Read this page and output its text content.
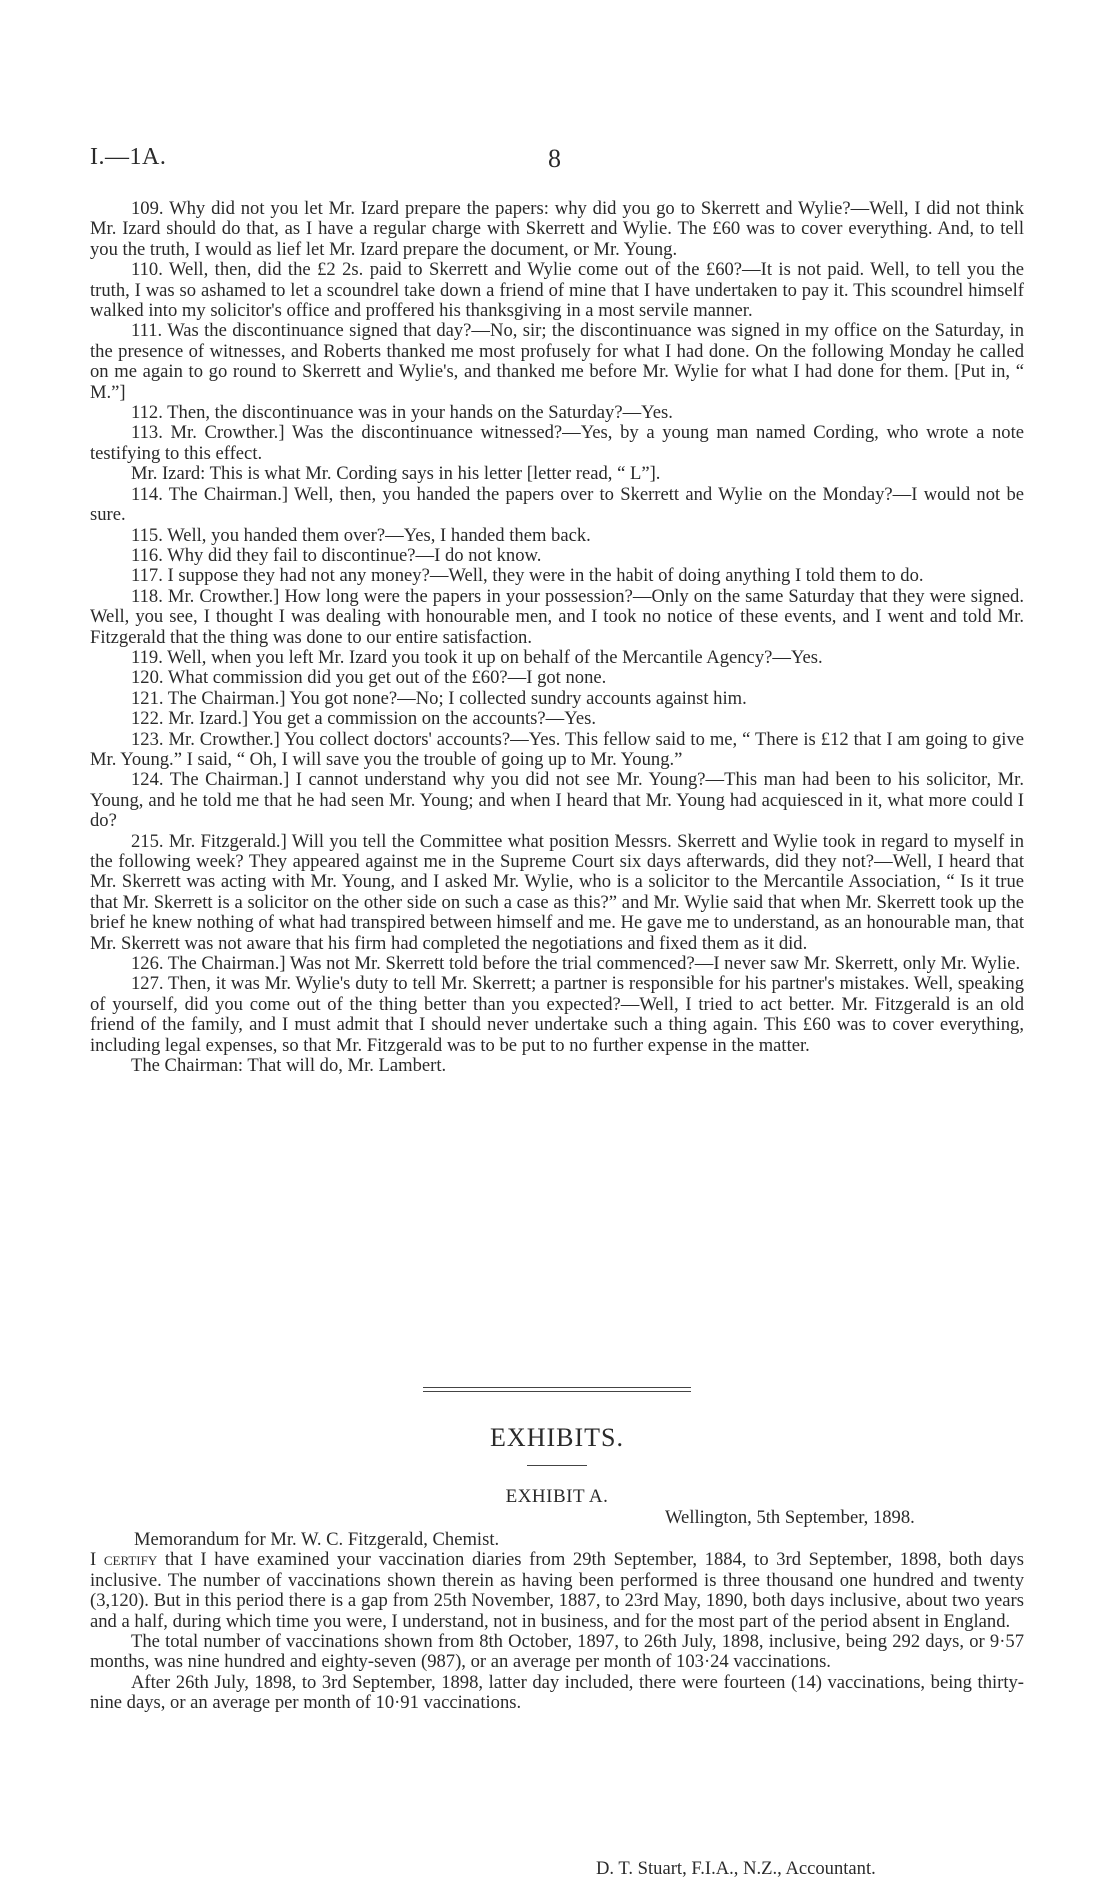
I.—1A.	8

109. Why did not you let Mr. Izard prepare the papers: why did you go to Skerrett and Wylie?—Well, I did not think Mr. Izard should do that, as I have a regular charge with Skerrett and Wylie. The £60 was to cover everything. And, to tell you the truth, I would as lief let Mr. Izard prepare the document, or Mr. Young.

110. Well, then, did the £2 2s. paid to Skerrett and Wylie come out of the £60?—It is not paid. Well, to tell you the truth, I was so ashamed to let a scoundrel take down a friend of mine that I have undertaken to pay it. This scoundrel himself walked into my solicitor's office and proffered his thanksgiving in a most servile manner.

111. Was the discontinuance signed that day?—No, sir; the discontinuance was signed in my office on the Saturday, in the presence of witnesses, and Roberts thanked me most profusely for what I had done. On the following Monday he called on me again to go round to Skerrett and Wylie's, and thanked me before Mr. Wylie for what I had done for them. [Put in, “ M.”]

112. Then, the discontinuance was in your hands on the Saturday?—Yes.

113. Mr. Crowther.] Was the discontinuance witnessed?—Yes, by a young man named Cording, who wrote a note testifying to this effect.

Mr. Izard: This is what Mr. Cording says in his letter [letter read, “ L”].

114. The Chairman.] Well, then, you handed the papers over to Skerrett and Wylie on the Monday?—I would not be sure.

115. Well, you handed them over?—Yes, I handed them back.

116. Why did they fail to discontinue?—I do not know.

117. I suppose they had not any money?—Well, they were in the habit of doing anything I told them to do.

118. Mr. Crowther.] How long were the papers in your possession?—Only on the same Saturday that they were signed. Well, you see, I thought I was dealing with honourable men, and I took no notice of these events, and I went and told Mr. Fitzgerald that the thing was done to our entire satisfaction.

119. Well, when you left Mr. Izard you took it up on behalf of the Mercantile Agency?—Yes.

120. What commission did you get out of the £60?—I got none.

121. The Chairman.] You got none?—No; I collected sundry accounts against him.

122. Mr. Izard.] You get a commission on the accounts?—Yes.

123. Mr. Crowther.] You collect doctors' accounts?—Yes. This fellow said to me, “ There is £12 that I am going to give Mr. Young.” I said, “ Oh, I will save you the trouble of going up to Mr. Young.”

124. The Chairman.] I cannot understand why you did not see Mr. Young?—This man had been to his solicitor, Mr. Young, and he told me that he had seen Mr. Young; and when I heard that Mr. Young had acquiesced in it, what more could I do?

215. Mr. Fitzgerald.] Will you tell the Committee what position Messrs. Skerrett and Wylie took in regard to myself in the following week? They appeared against me in the Supreme Court six days afterwards, did they not?—Well, I heard that Mr. Skerrett was acting with Mr. Young, and I asked Mr. Wylie, who is a solicitor to the Mercantile Association, “ Is it true that Mr. Skerrett is a solicitor on the other side on such a case as this?” and Mr. Wylie said that when Mr. Skerrett took up the brief he knew nothing of what had transpired between himself and me. He gave me to understand, as an honourable man, that Mr. Skerrett was not aware that his firm had completed the negotiations and fixed them as it did.

126. The Chairman.] Was not Mr. Skerrett told before the trial commenced?—I never saw Mr. Skerrett, only Mr. Wylie.

127. Then, it was Mr. Wylie's duty to tell Mr. Skerrett; a partner is responsible for his partner's mistakes. Well, speaking of yourself, did you come out of the thing better than you expected?—Well, I tried to act better. Mr. Fitzgerald is an old friend of the family, and I must admit that I should never undertake such a thing again. This £60 was to cover everything, including legal expenses, so that Mr. Fitzgerald was to be put to no further expense in the matter.

The Chairman: That will do, Mr. Lambert.

EXHIBITS.
EXHIBIT A.
Wellington, 5th September, 1898.

Memorandum for Mr. W. C. Fitzgerald, Chemist.

I certify that I have examined your vaccination diaries from 29th September, 1884, to 3rd September, 1898, both days inclusive. The number of vaccinations shown therein as having been performed is three thousand one hundred and twenty (3,120). But in this period there is a gap from 25th November, 1887, to 23rd May, 1890, both days inclusive, about two years and a half, during which time you were, I understand, not in business, and for the most part of the period absent in England.

The total number of vaccinations shown from 8th October, 1897, to 26th July, 1898, inclusive, being 292 days, or 9·57 months, was nine hundred and eighty-seven (987), or an average per month of 103·24 vaccinations.

After 26th July, 1898, to 3rd September, 1898, latter day included, there were fourteen (14) vaccinations, being thirty-nine days, or an average per month of 10·91 vaccinations.

D. T. Stuart, F.I.A., N.Z., Accountant.
